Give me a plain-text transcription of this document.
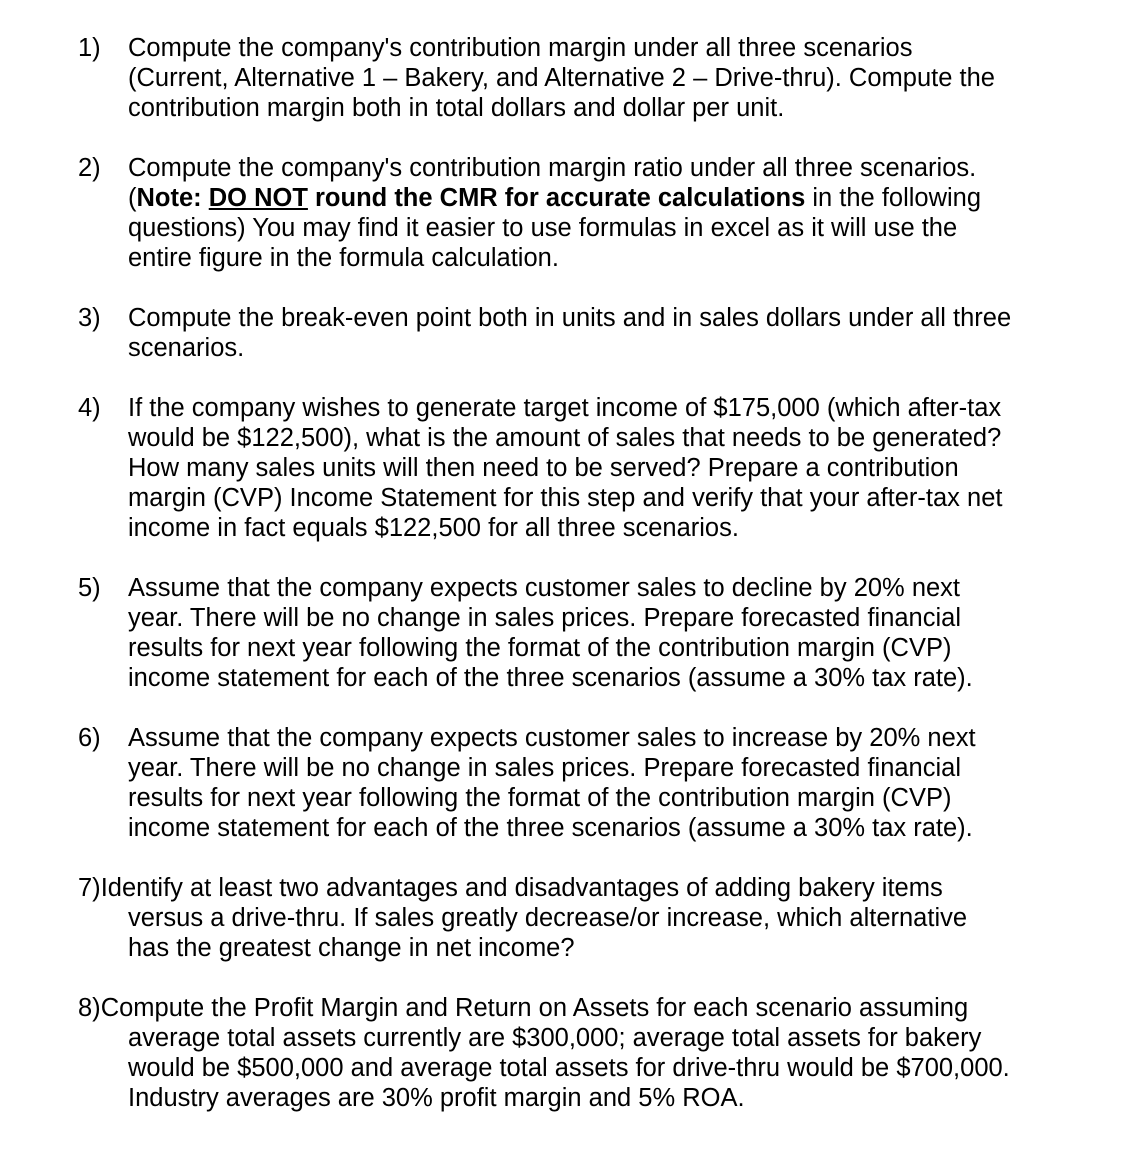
1) Compute the company's contribution margin under all three scenarios
(Current, Alternative 1 – Bakery, and Alternative 2 – Drive-thru). Compute the
contribution margin both in total dollars and dollar per unit.
2) Compute the company's contribution margin ratio under all three scenarios.
(Note: DO NOT round the CMR for accurate calculations in the following
questions) You may find it easier to use formulas in excel as it will use the
entire figure in the formula calculation.
3) Compute the break-even point both in units and in sales dollars under all three
scenarios.
4) If the company wishes to generate target income of $175,000 (which after-tax
would be $122,500), what is the amount of sales that needs to be generated?
How many sales units will then need to be served? Prepare a contribution
margin (CVP) Income Statement for this step and verify that your after-tax net
income in fact equals $122,500 for all three scenarios.
5) Assume that the company expects customer sales to decline by 20% next
year. There will be no change in sales prices. Prepare forecasted financial
results for next year following the format of the contribution margin (CVP)
income statement for each of the three scenarios (assume a 30% tax rate).
6) Assume that the company expects customer sales to increase by 20% next
year. There will be no change in sales prices. Prepare forecasted financial
results for next year following the format of the contribution margin (CVP)
income statement for each of the three scenarios (assume a 30% tax rate).
7)Identify at least two advantages and disadvantages of adding bakery items
versus a drive-thru. If sales greatly decrease/or increase, which alternative
has the greatest change in net income?
8)Compute the Profit Margin and Return on Assets for each scenario assuming
average total assets currently are $300,000; average total assets for bakery
would be $500,000 and average total assets for drive-thru would be $700,000.
Industry averages are 30% profit margin and 5% ROA.
